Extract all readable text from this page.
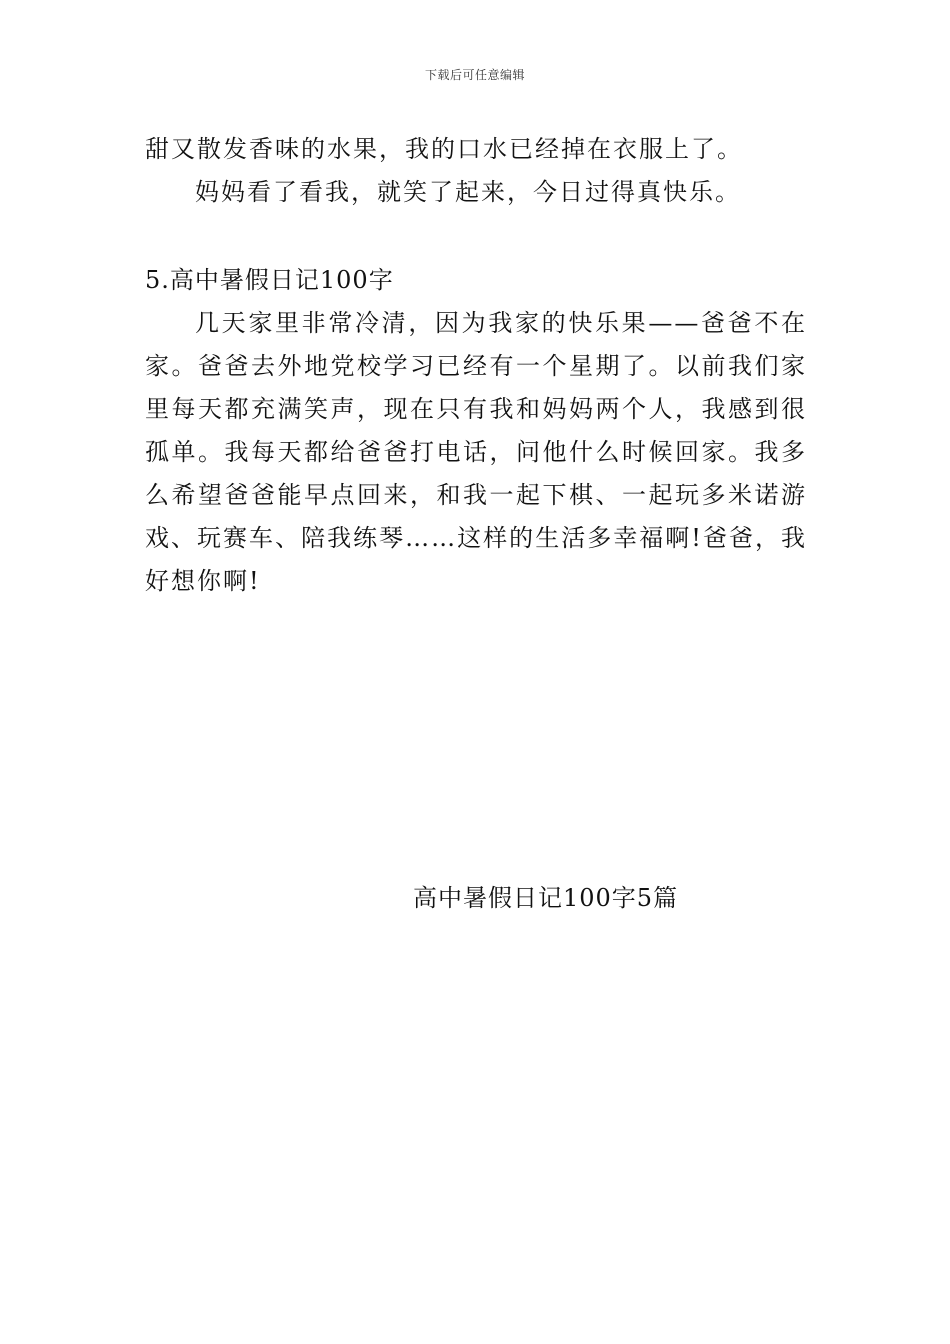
下载后可任意编辑

甜又散发香味的水果，我的口水已经掉在衣服上了。

妈妈看了看我，就笑了起来，今日过得真快乐。

5.高中暑假日记100字

几天家里非常冷清，因为我家的快乐果——爸爸不在家。爸爸去外地党校学习已经有一个星期了。以前我们家里每天都充满笑声，现在只有我和妈妈两个人，我感到很孤单。我每天都给爸爸打电话，问他什么时候回家。我多么希望爸爸能早点回来，和我一起下棋、一起玩多米诺游戏、玩赛车、陪我练琴……这样的生活多幸福啊!爸爸，我好想你啊!

高中暑假日记100字5篇
